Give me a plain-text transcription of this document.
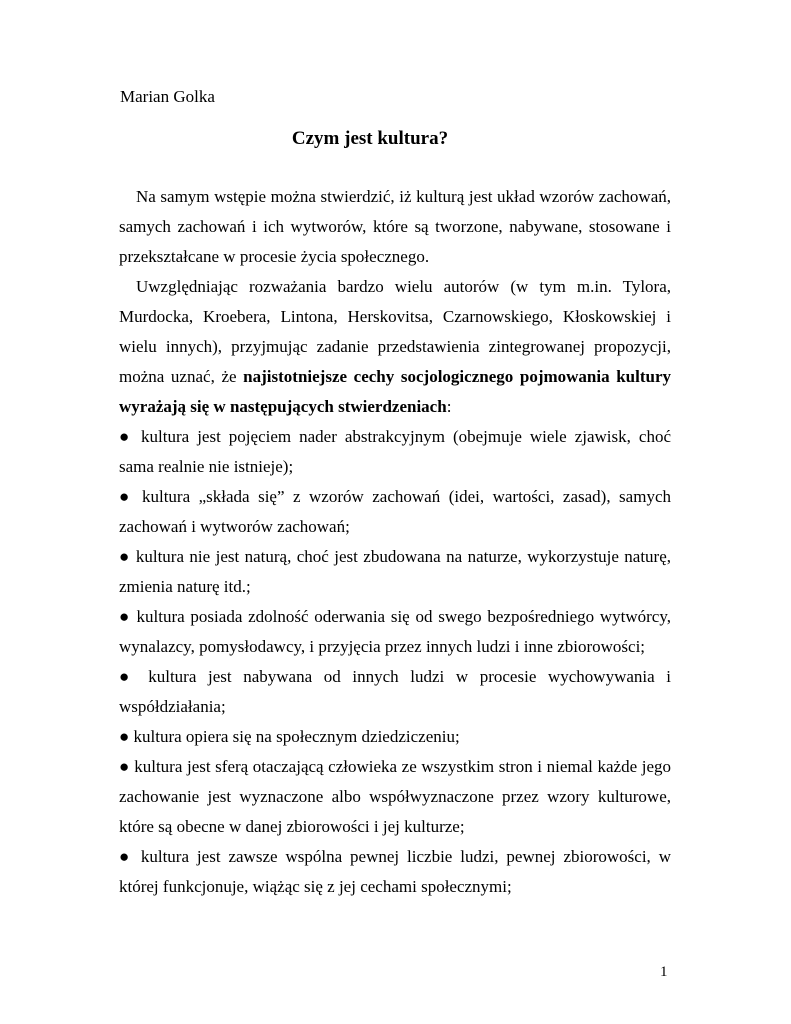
Marian Golka
Czym jest kultura?

Na samym wstępie można stwierdzić, iż kulturą jest układ wzorów zachowań, samych zachowań i ich wytworów, które są tworzone, nabywane, stosowane i przekształcane w procesie życia społecznego.

Uwzględniając rozważania bardzo wielu autorów (w tym m.in. Tylora, Murdocka, Kroebera, Lintona, Herskovitsa, Czarnowskiego, Kłoskowskiej i wielu innych), przyjmując zadanie przedstawienia zintegrowanej propozycji, można uznać, że najistotniejsze cechy socjologicznego pojmowania kultury wyrażają się w następujących stwierdzeniach:

● kultura jest pojęciem nader abstrakcyjnym (obejmuje wiele zjawisk, choć sama realnie nie istnieje);

● kultura „składa się” z wzorów zachowań (idei, wartości, zasad), samych zachowań i wytworów zachowań;

● kultura nie jest naturą, choć jest zbudowana na naturze, wykorzystuje naturę, zmienia naturę itd.;

● kultura posiada zdolność oderwania się od swego bezpośredniego wytwórcy, wynalazcy, pomysłodawcy, i przyjęcia przez innych ludzi i inne zbiorowości;

● kultura jest nabywana od innych ludzi w procesie wychowywania i współdziałania;

● kultura opiera się na społecznym dziedziczeniu;

● kultura jest sferą otaczającą człowieka ze wszystkim stron i niemal każde jego zachowanie jest wyznaczone albo współwyznaczone przez wzory kulturowe, które są obecne w danej zbiorowości i jej kulturze;

● kultura jest zawsze wspólna pewnej liczbie ludzi, pewnej zbiorowości, w której funkcjonuje, wiążąc się z jej cechami społecznymi;

1
